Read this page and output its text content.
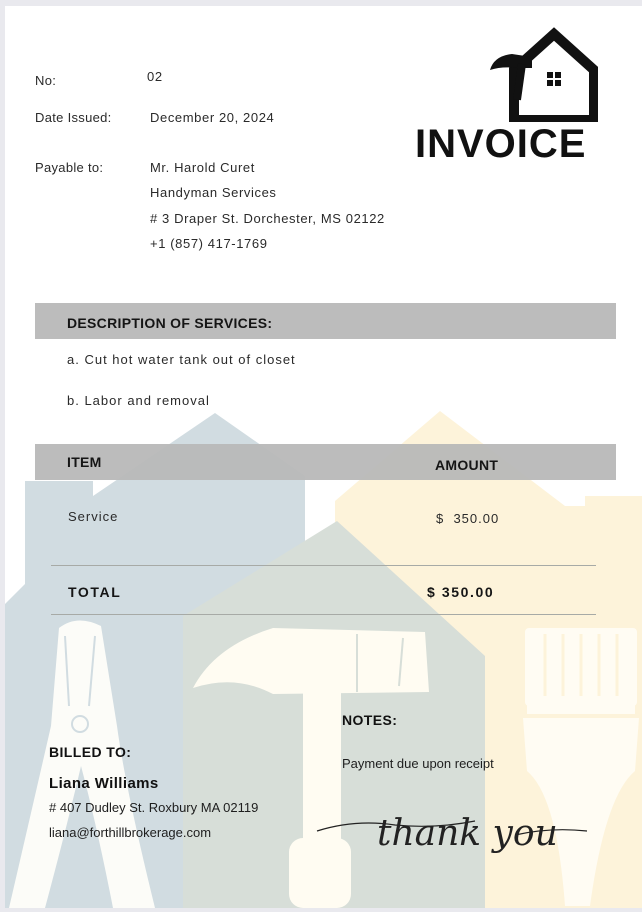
INVOICE
No:	02
Date Issued:	December 20, 2024
Payable to:	Mr. Harold Curet
Handyman Services
# 3 Draper St. Dorchester, MS 02122
+1 (857) 417-1769
DESCRIPTION OF SERVICES:
a. Cut hot water tank out of closet
b. Labor and removal
ITEM	AMOUNT
Service	$  350.00
TOTAL	$ 350.00
BILLED TO:
Liana Williams
# 407 Dudley St. Roxbury MA 02119
liana@forthillbrokerage.com
NOTES:
Payment due upon receipt
thank you
